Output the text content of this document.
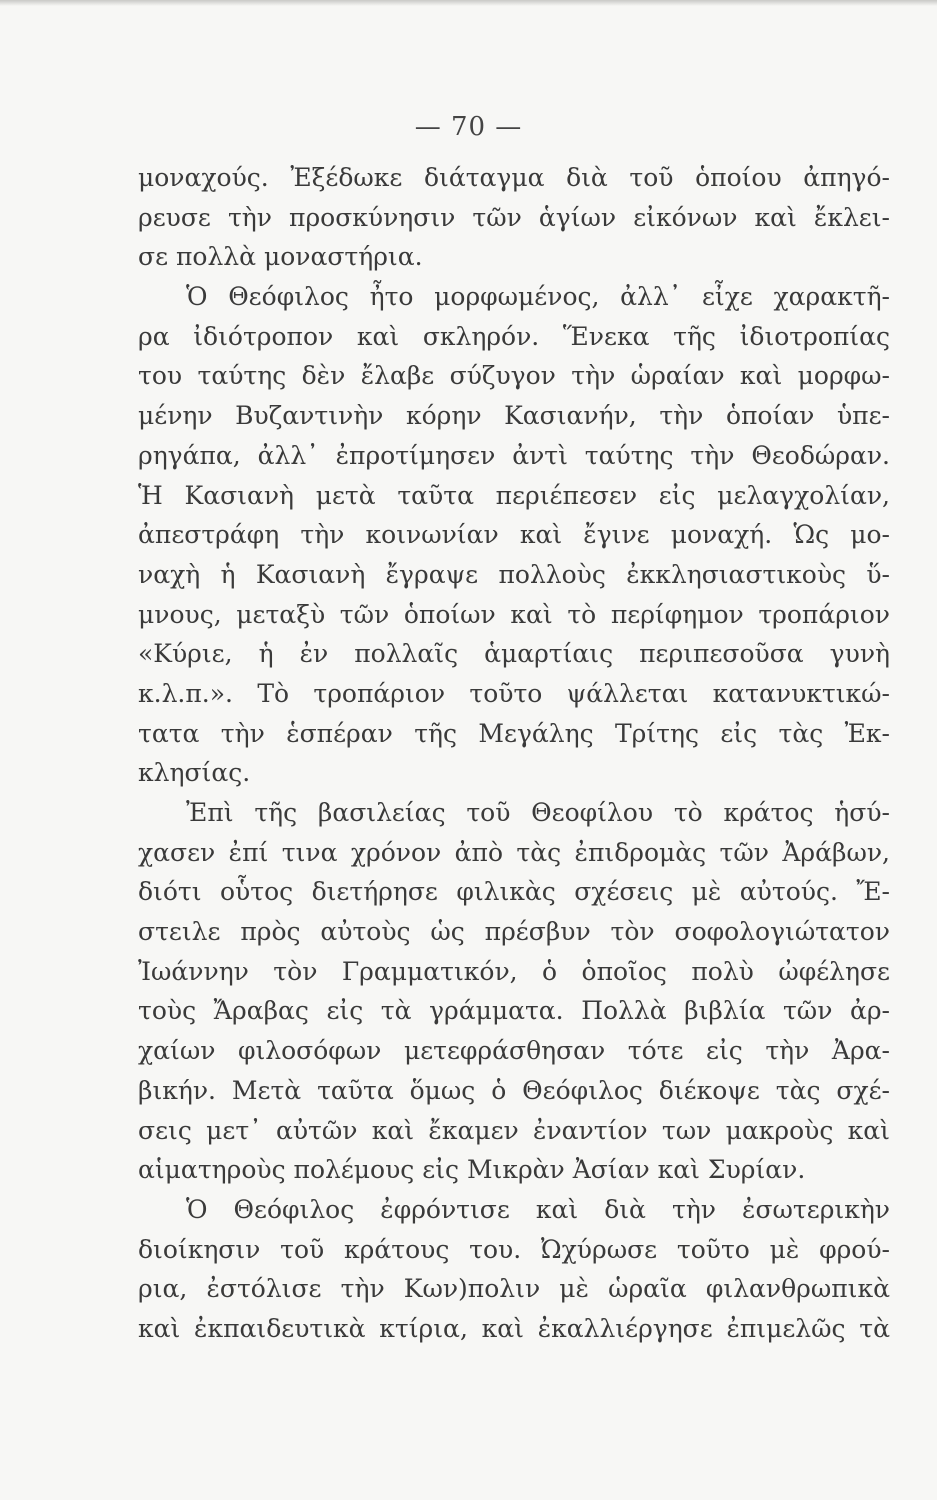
— 70 —
μοναχούς. Ἐξέδωκε διάταγμα διὰ τοῦ ὁποίου ἀπηγό-
ρευσε τὴν προσκύνησιν τῶν ἁγίων εἰκόνων καὶ ἔκλει-
σε πολλὰ μοναστήρια.
Ὁ Θεόφιλος ἦτο μορφωμένος, ἀλλ᾿ εἶχε χαρακτῆ-
ρα ἰδιότροπον καὶ σκληρόν. Ἕνεκα τῆς ἰδιοτροπίας
του ταύτης δὲν ἔλαβε σύζυγον τὴν ὡραίαν καὶ μορφω-
μένην Βυζαντινὴν κόρην Κασιανήν, τὴν ὁποίαν ὑπε-
ρηγάπα, ἀλλ᾿ ἐπροτίμησεν ἀντὶ ταύτης τὴν Θεοδώραν.
Ἡ Κασιανὴ μετὰ ταῦτα περιέπεσεν εἰς μελαγχολίαν,
ἀπεστράφη τὴν κοινωνίαν καὶ ἔγινε μοναχή. Ὡς μο-
ναχὴ ἡ Κασιανὴ ἔγραψε πολλοὺς ἐκκλησιαστικοὺς ὕ-
μνους, μεταξὺ τῶν ὁποίων καὶ τὸ περίφημον τροπάριον
«Κύριε, ἡ ἐν πολλαῖς ἁμαρτίαις περιπεσοῦσα γυνὴ
κ.λ.π.». Τὸ τροπάριον τοῦτο ψάλλεται κατανυκτικώ-
τατα τὴν ἑσπέραν τῆς Μεγάλης Τρίτης εἰς τὰς Ἐκ-
κλησίας.
Ἐπὶ τῆς βασιλείας τοῦ Θεοφίλου τὸ κράτος ἡσύ-
χασεν ἐπί τινα χρόνον ἀπὸ τὰς ἐπιδρομὰς τῶν Ἀράβων,
διότι οὗτος διετήρησε φιλικὰς σχέσεις μὲ αὐτούς. Ἔ-
στειλε πρὸς αὐτοὺς ὡς πρέσβυν τὸν σοφολογιώτατον
Ἰωάννην τὸν Γραμματικόν, ὁ ὁποῖος πολὺ ὠφέλησε
τοὺς Ἄραβας εἰς τὰ γράμματα. Πολλὰ βιβλία τῶν ἀρ-
χαίων φιλοσόφων μετεφράσθησαν τότε εἰς τὴν Ἀρα-
βικήν. Μετὰ ταῦτα ὅμως ὁ Θεόφιλος διέκοψε τὰς σχέ-
σεις μετ᾿ αὐτῶν καὶ ἔκαμεν ἐναντίον των μακροὺς καὶ
αἱματηροὺς πολέμους εἰς Μικρὰν Ἀσίαν καὶ Συρίαν.
Ὁ Θεόφιλος ἐφρόντισε καὶ διὰ τὴν ἐσωτερικὴν
διοίκησιν τοῦ κράτους του. Ὠχύρωσε τοῦτο μὲ φρού-
ρια, ἐστόλισε τὴν Κων)πολιν μὲ ὡραῖα φιλανθρωπικὰ
καὶ ἐκπαιδευτικὰ κτίρια, καὶ ἐκαλλιέργησε ἐπιμελῶς τὰ
